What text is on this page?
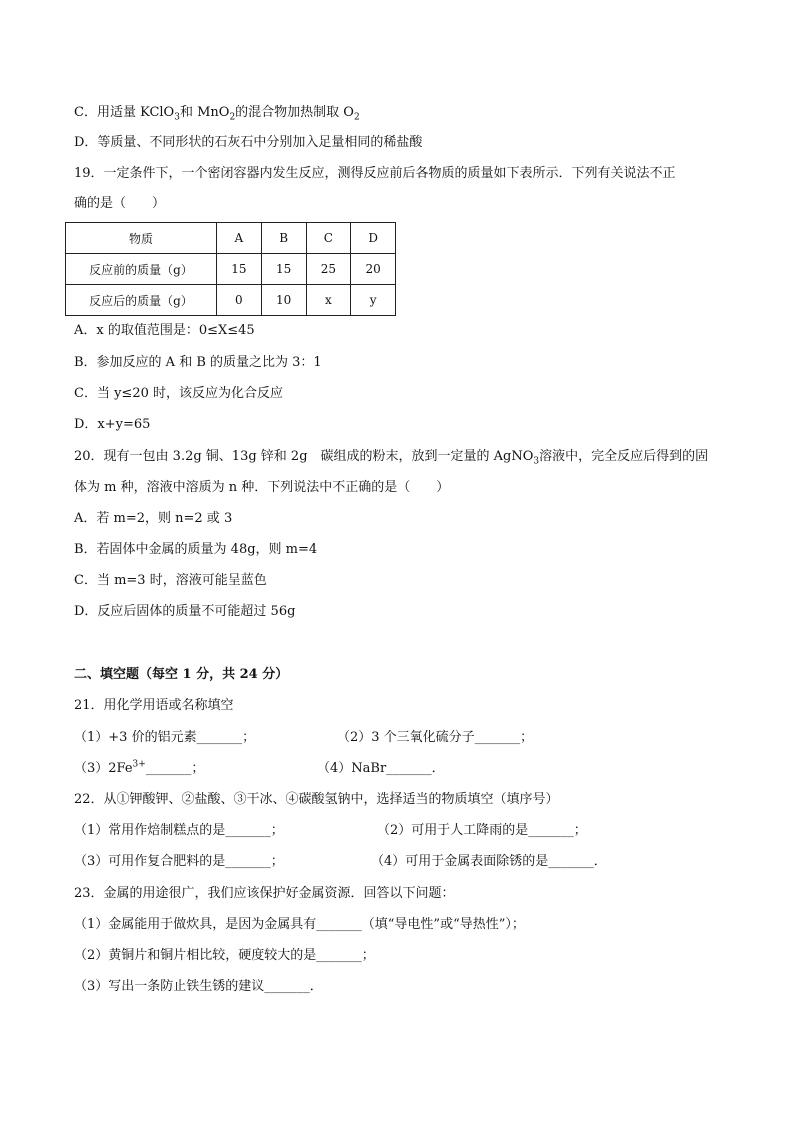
C．用适量 KClO$_3$和 MnO$_2$的混合物加热制取 $O_2$
D．等质量、不同形状的石灰石中分别加入足量相同的稀盐酸
19．一定条件下，一个密闭容器内发生反应，测得反应前后各物质的质量如下表所示．下列有关说法不正
确的是（　　）
物质	A	B	C	D
反应前的质量（g）	15	15	25	20
反应后的质量（g）	0	10	x	y
A．x 的取值范围是：0≤X≤45
B．参加反应的 A 和 B 的质量之比为 3：1
C．当 y≤20 时，该反应为化合反应
D．x+y=65
20．现有一包由 3.2g 铜、13g 锌和 2g　碳组成的粉末，放到一定量的 AgNO$_3$溶液中，完全反应后得到的固
体为 m 种，溶液中溶质为 n 种．下列说法中不正确的是（　　）
A．若 m=2，则 n=2 或 3
B．若固体中金属的质量为 48g，则 m=4
C．当 m=3 时，溶液可能呈蓝色
D．反应后固体的质量不可能超过 56g
二、填空题（每空 1 分，共 24 分）
21．用化学用语或名称填空
（1）+3 价的铝元素_______；	（2）3 个三氧化硫分子_______；
$(3)2Fe^{3+}\_\_\_\_\_\_\_$；	（4）NaBr_______．
22．从①钾酸钾、②盐酸、③干冰、④碳酸氢钠中，选择适当的物质填空（填序号）
（1）常用作焙制糕点的是_______；	（2）可用于人工降雨的是_______；
（3）可用作复合肥料的是_______；	（4）可用于金属表面除锈的是_______．
23．金属的用途很广，我们应该保护好金属资源．回答以下问题：
（1）金属能用于做炊具，是因为金属具有_______（填“导电性”或“导热性”）；
（2）黄铜片和铜片相比较，硬度较大的是_______；
（3）写出一条防止铁生锈的建议_______．
